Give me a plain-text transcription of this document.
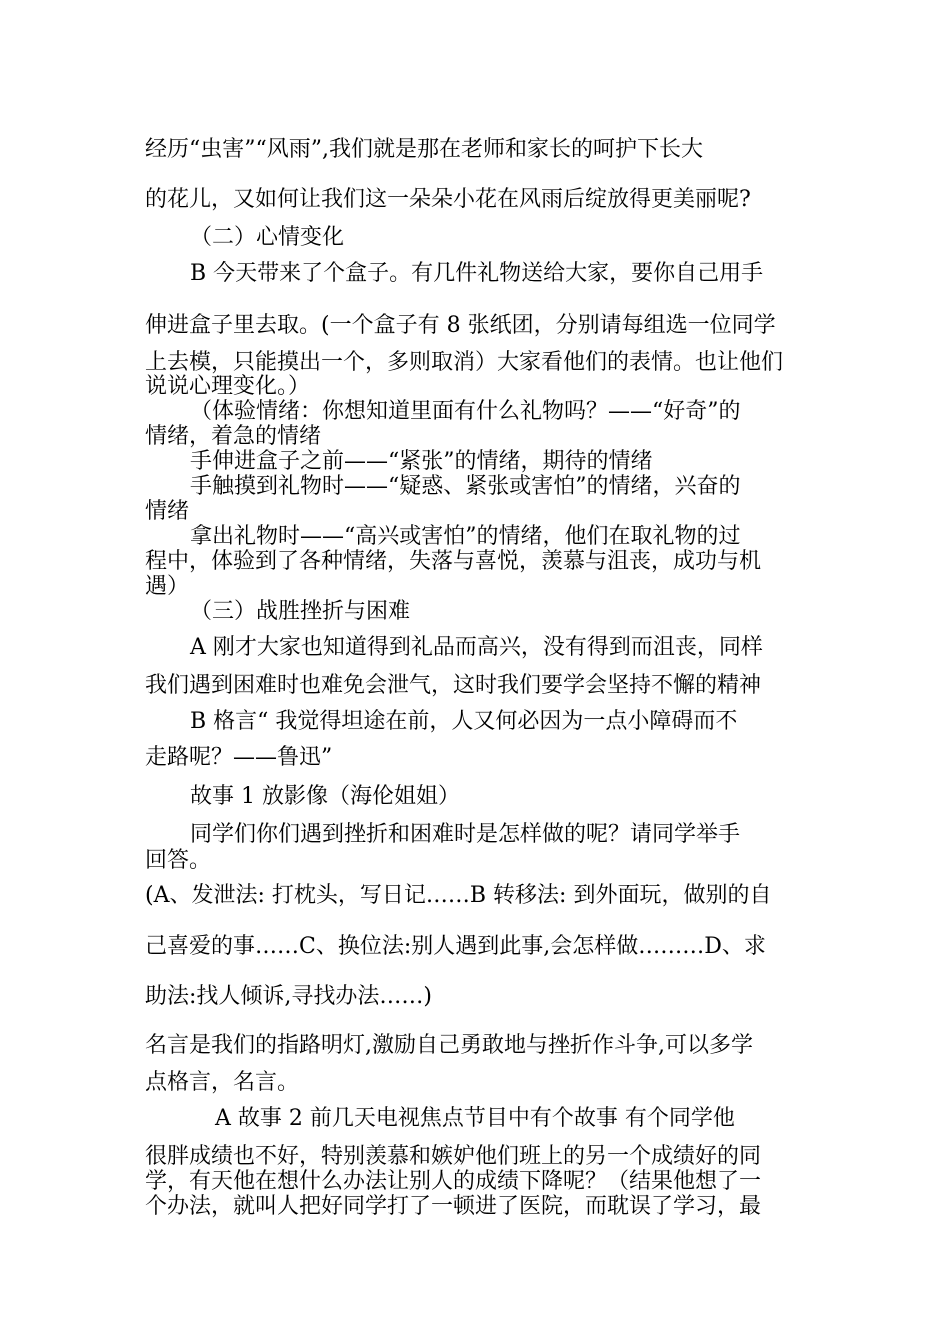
经历“虫害”“风雨”,我们就是那在老师和家长的呵护下长大
的花儿，又如何让我们这一朵朵小花在风雨后绽放得更美丽呢?
（二）心情变化
B 今天带来了个盒子。有几件礼物送给大家，要你自己用手
伸进盒子里去取。(一个盒子有 8 张纸团，分别请每组选一位同学
上去模，只能摸出一个，多则取消）大家看他们的表情。也让他们
说说心理变化。）
（体验情绪：你想知道里面有什么礼物吗？——“好奇”的
情绪，着急的情绪
手伸进盒子之前——“紧张”的情绪，期待的情绪
手触摸到礼物时——“疑惑、紧张或害怕”的情绪，兴奋的
情绪
拿出礼物时——“高兴或害怕”的情绪，他们在取礼物的过
程中，体验到了各种情绪，失落与喜悦，羡慕与沮丧，成功与机
遇）
（三）战胜挫折与困难
A 刚才大家也知道得到礼品而高兴，没有得到而沮丧，同样
我们遇到困难时也难免会泄气，这时我们要学会坚持不懈的精神
B 格言“ 我觉得坦途在前，人又何必因为一点小障碍而不
走路呢？——鲁迅”
故事 1 放影像（海伦姐姐）
同学们你们遇到挫折和困难时是怎样做的呢？请同学举手
回答。
(A、发泄法: 打枕头，写日记……B 转移法: 到外面玩，做别的自
己喜爱的事……C、换位法:别人遇到此事,会怎样做………D、求
助法:找人倾诉,寻找办法……)
名言是我们的指路明灯,激励自己勇敢地与挫折作斗争,可以多学
点格言，名言。
A 故事 2 前几天电视焦点节目中有个故事 有个同学他
很胖成绩也不好，特别羡慕和嫉妒他们班上的另一个成绩好的同
学，有天他在想什么办法让别人的成绩下降呢？（结果他想了一
个办法，就叫人把好同学打了一顿进了医院，而耽误了学习，最
